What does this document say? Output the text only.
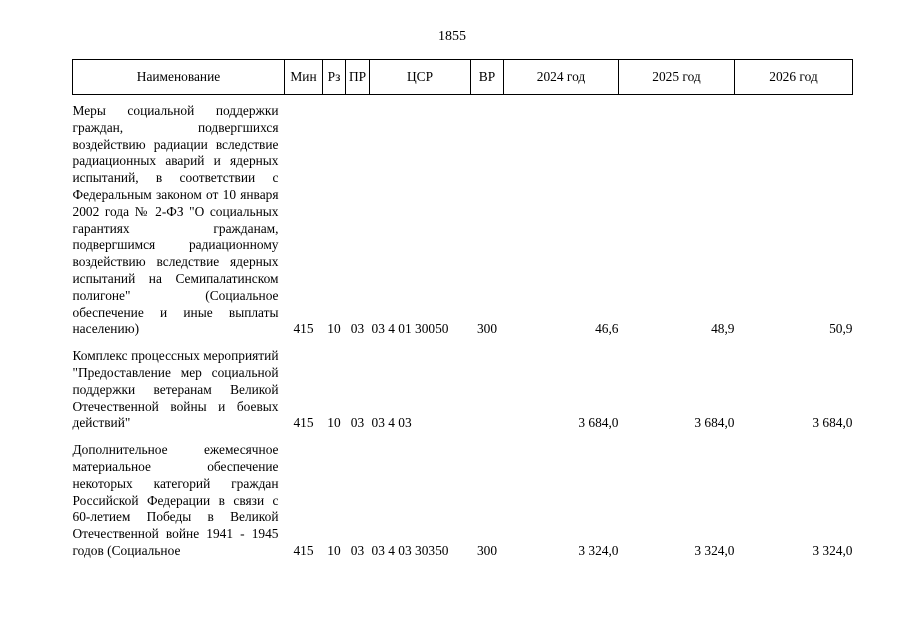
1855
Наименование	Мин	Рз	ПР	ЦСР	ВР	2024 год	2025 год	2026 год
Меры социальной поддержки граждан, подвергшихся воздействию радиации вследствие радиационных аварий и ядерных испытаний, в соответствии с Федеральным законом от 10 января 2002 года № 2-ФЗ "О социальных гарантиях гражданам, подвергшимся радиационному воздействию вследствие ядерных испытаний на Семипалатинском полигоне" (Социальное обеспечение и иные выплаты населению)	415	10	03	03 4 01 30050	300	46,6	48,9	50,9
Комплекс процессных мероприятий "Предоставление мер социальной поддержки ветеранам Великой Отечественной войны и боевых действий"	415	10	03	03 4 03		3 684,0	3 684,0	3 684,0
Дополнительное ежемесячное материальное обеспечение некоторых категорий граждан Российской Федерации в связи с 60-летием Победы в Великой Отечественной войне 1941 - 1945 годов (Социальное	415	10	03	03 4 03 30350	300	3 324,0	3 324,0	3 324,0
